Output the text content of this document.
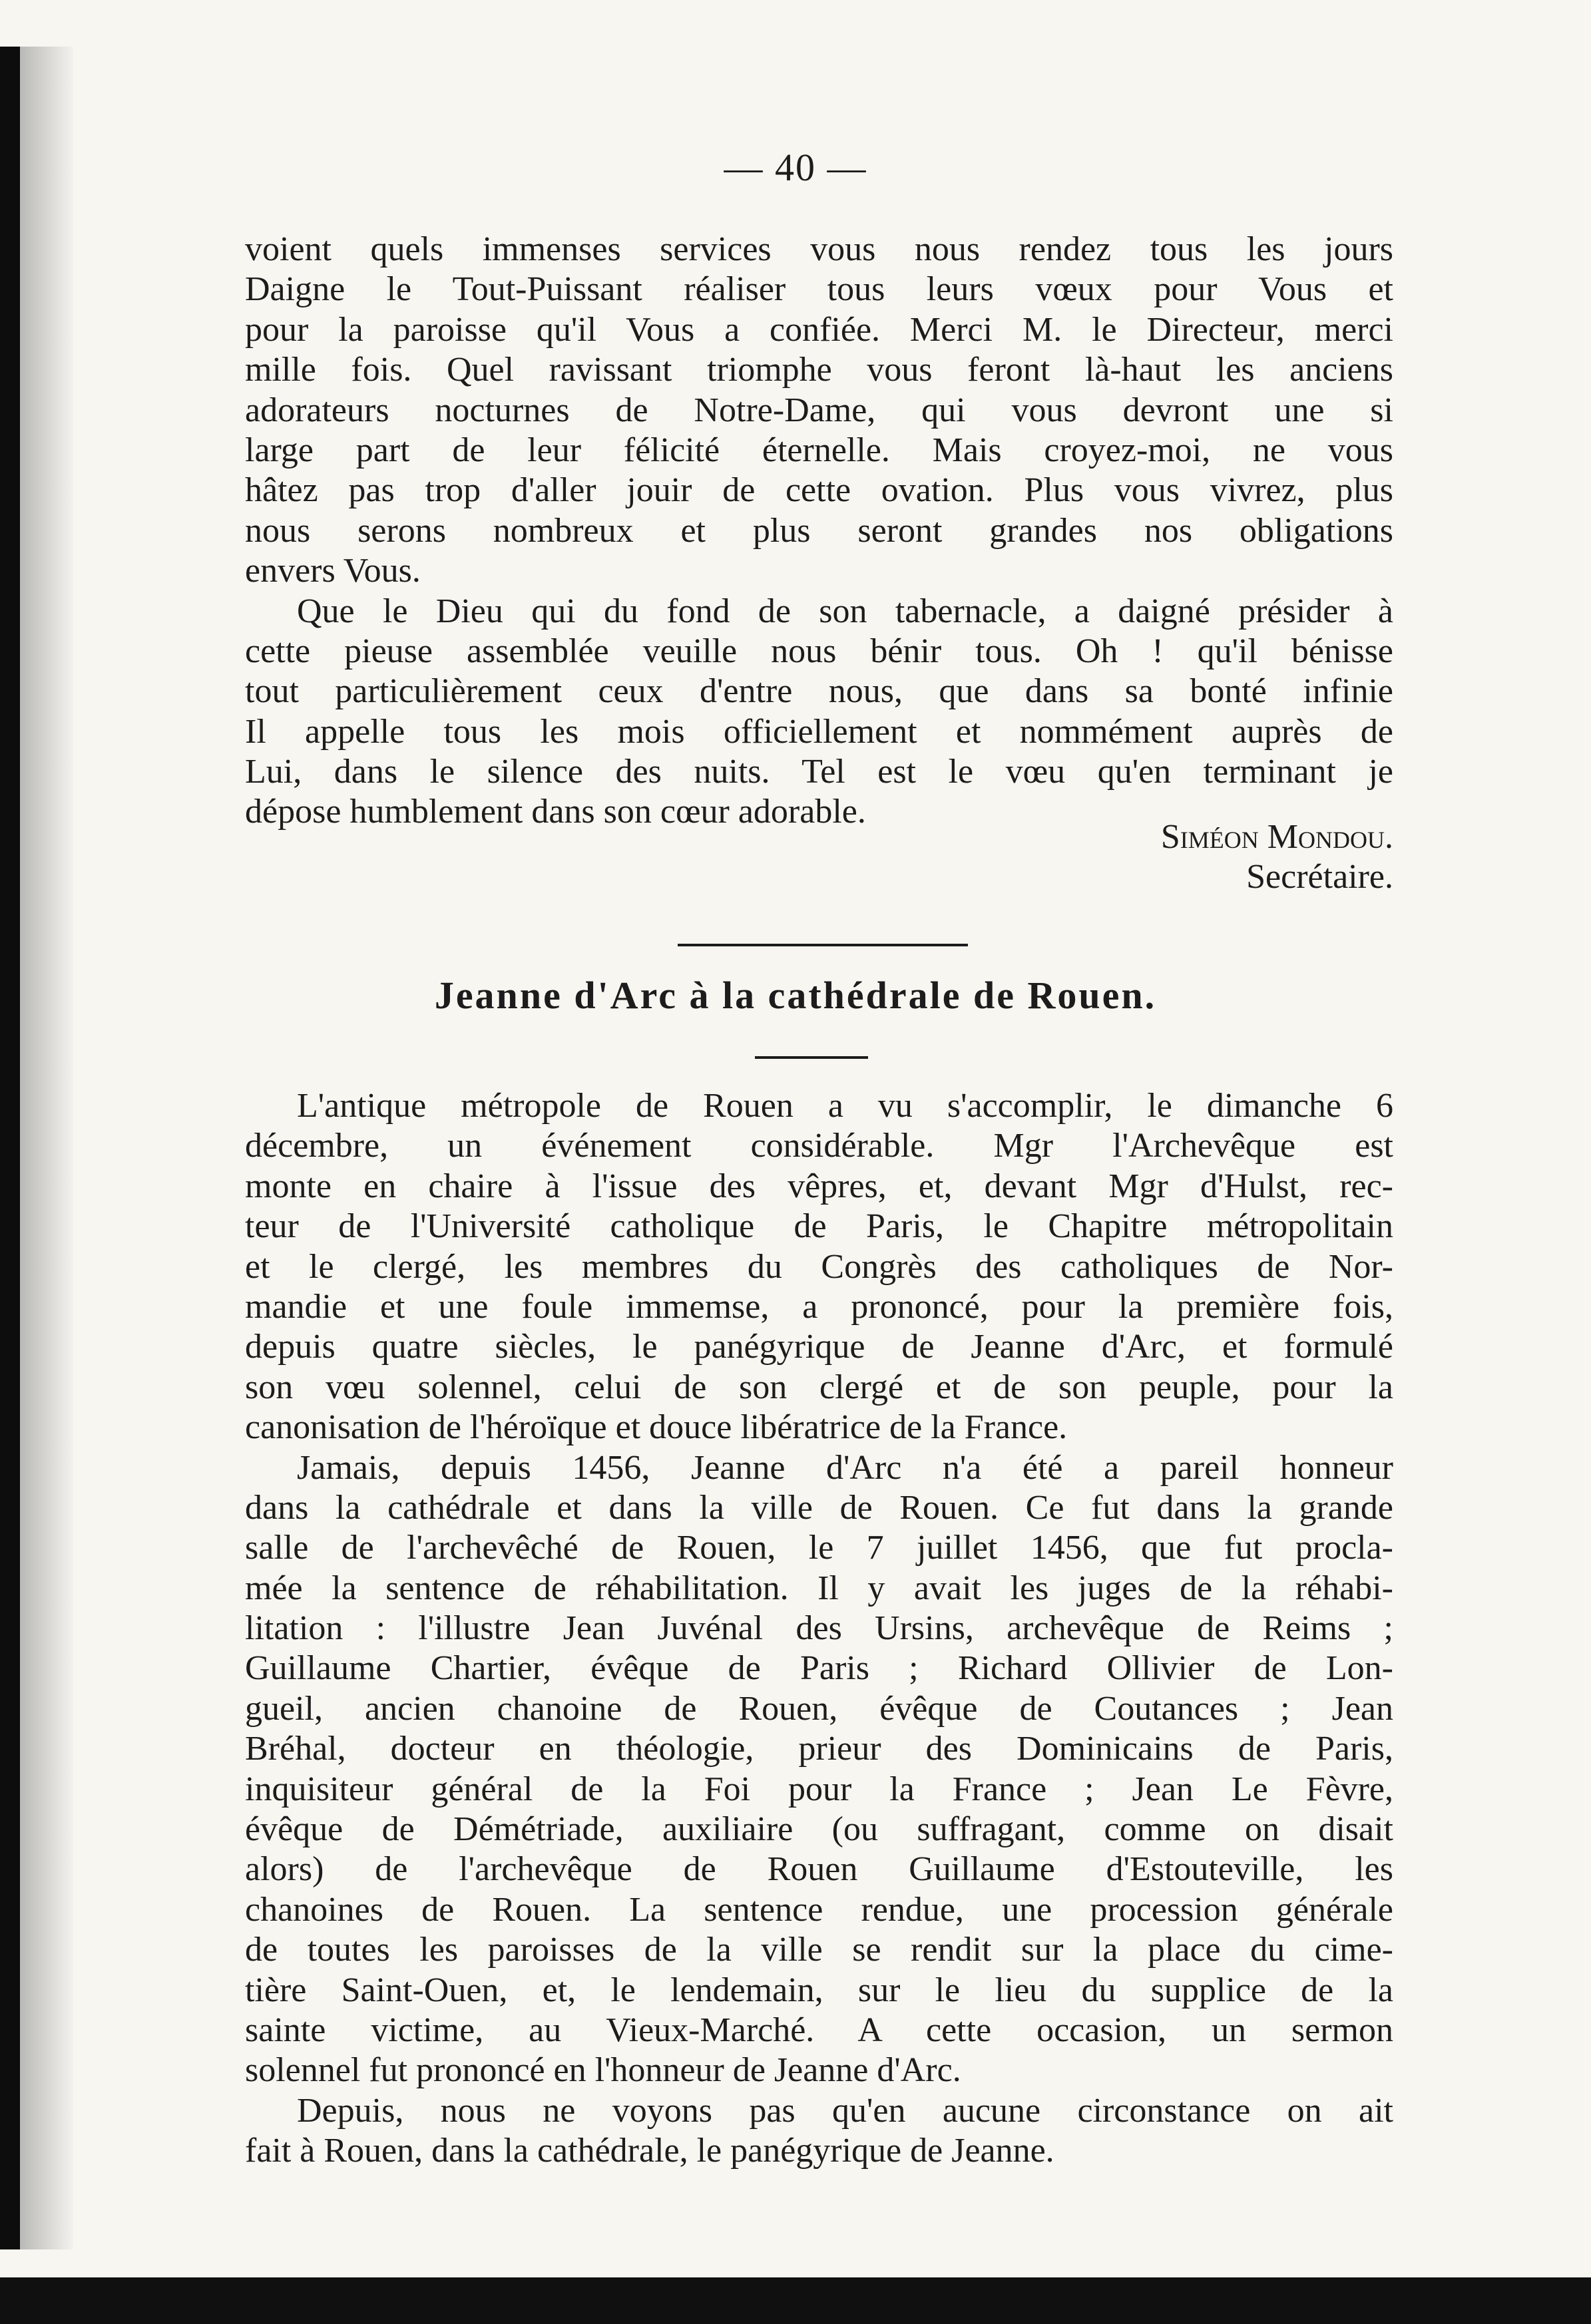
— 40 —
voient quels immenses services vous nous rendez tous les jours
Daigne le Tout-Puissant réaliser tous leurs vœux pour Vous et
pour la paroisse qu'il Vous a confiée. Merci M. le Directeur, merci
mille fois. Quel ravissant triomphe vous feront là-haut les anciens
adorateurs nocturnes de Notre-Dame, qui vous devront une si
large part de leur félicité éternelle. Mais croyez-moi, ne vous
hâtez pas trop d'aller jouir de cette ovation. Plus vous vivrez, plus
nous serons nombreux et plus seront grandes nos obligations
envers Vous.
Que le Dieu qui du fond de son tabernacle, a daigné présider à
cette pieuse assemblée veuille nous bénir tous. Oh ! qu'il bénisse
tout particulièrement ceux d'entre nous, que dans sa bonté infinie
Il appelle tous les mois officiellement et nommément auprès de
Lui, dans le silence des nuits. Tel est le vœu qu'en terminant je
dépose humblement dans son cœur adorable.
Siméon Mondou.
Secrétaire.
Jeanne d'Arc à la cathédrale de Rouen.
L'antique métropole de Rouen a vu s'accomplir, le dimanche 6
décembre, un événement considérable. Mgr l'Archevêque est
monte en chaire à l'issue des vêpres, et, devant Mgr d'Hulst, rec-
teur de l'Université catholique de Paris, le Chapitre métropolitain
et le clergé, les membres du Congrès des catholiques de Nor-
mandie et une foule immemse, a prononcé, pour la première fois,
depuis quatre siècles, le panégyrique de Jeanne d'Arc, et formulé
son vœu solennel, celui de son clergé et de son peuple, pour la
canonisation de l'héroïque et douce libératrice de la France.
Jamais, depuis 1456, Jeanne d'Arc n'a été a pareil honneur
dans la cathédrale et dans la ville de Rouen. Ce fut dans la grande
salle de l'archevêché de Rouen, le 7 juillet 1456, que fut procla-
mée la sentence de réhabilitation. Il y avait les juges de la réhabi-
litation : l'illustre Jean Juvénal des Ursins, archevêque de Reims ;
Guillaume Chartier, évêque de Paris ; Richard Ollivier de Lon-
gueil, ancien chanoine de Rouen, évêque de Coutances ; Jean
Bréhal, docteur en théologie, prieur des Dominicains de Paris,
inquisiteur général de la Foi pour la France ; Jean Le Fèvre,
évêque de Démétriade, auxiliaire (ou suffragant, comme on disait
alors) de l'archevêque de Rouen Guillaume d'Estouteville, les
chanoines de Rouen. La sentence rendue, une procession générale
de toutes les paroisses de la ville se rendit sur la place du cime-
tière Saint-Ouen, et, le lendemain, sur le lieu du supplice de la
sainte victime, au Vieux-Marché. A cette occasion, un sermon
solennel fut prononcé en l'honneur de Jeanne d'Arc.
Depuis, nous ne voyons pas qu'en aucune circonstance on ait
fait à Rouen, dans la cathédrale, le panégyrique de Jeanne.
